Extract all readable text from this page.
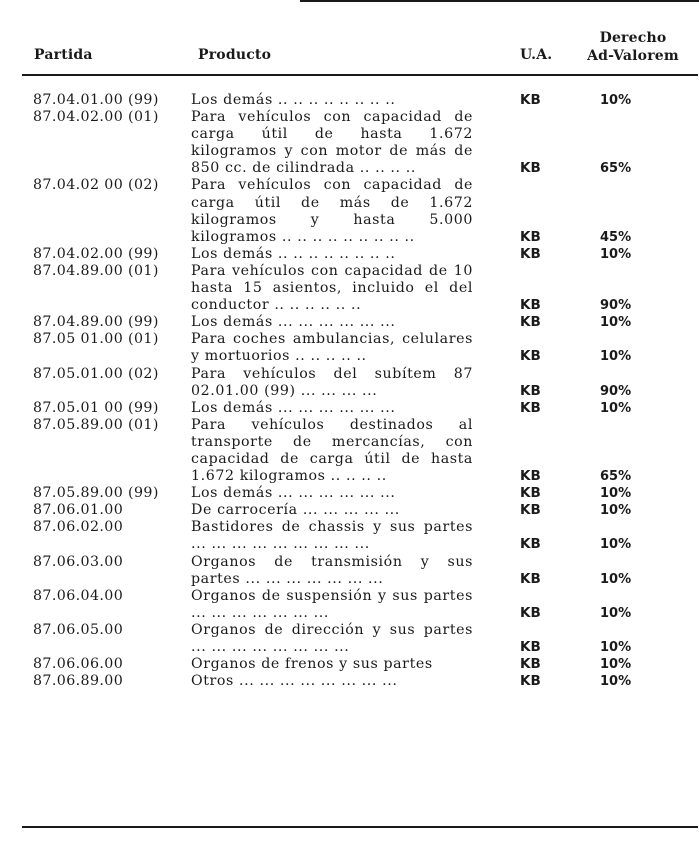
Partida	Producto	U.A.
Derecho
Ad-Valorem
87.04.01.00 (99) Los demás .. .. .. .. .. .. .. ..	KB	10%
87.04.02.00 (01) Para vehículos con capacidad de carga útil de hasta 1.672 kilogramos y con motor de más de 850 cc. de cilindrada .. .. .. ..	KB	65%
87.04.02 00 (02) Para vehículos con capacidad de carga útil de más de 1.672 kilogramos y hasta 5.000 kilogramos .. .. .. .. .. .. .. .. ..	KB	45%
87.04.02.00 (99) Los demás .. .. .. .. .. .. .. ..	KB	10%
87.04.89.00 (01) Para vehículos con capacidad de 10 hasta 15 asientos, incluido el del conductor .. .. .. .. .. ..	KB	90%
87.04.89.00 (99) Los demás ... ... ... ... ... ...	KB	10%
87.05 01.00 (01) Para coches ambulancias, celulares y mortuorios .. .. .. .. ..	KB	10%
87.05.01.00 (02) Para vehículos del subítem 87 02.01.00 (99) ... ... ... ...	KB	90%
87.05.01 00 (99) Los demás ... ... ... ... ... ...	KB	10%
87.05.89.00 (01) Para vehículos destinados al transporte de mercancías, con capacidad de carga útil de hasta 1.672 kilogramos .. .. .. ..	KB	65%
87.05.89.00 (99) Los demás ... ... ... ... ... ...	KB	10%
87.06.01.00	De carrocería ... ... ... ... ...	KB	10%
87.06.02.00	Bastidores de chassis y sus partes ... ... ... ... ... ... ... ... ...	KB	10%
87.06.03.00	Organos de transmisión y sus partes ... ... ... ... ... ... ...	KB	10%
87.06.04.00	Organos de suspensión y sus partes ... ... ... ... ... ... ...	KB	10%
87.06.05.00	Organos de dirección y sus partes ... ... ... ... ... ... ... ...	KB	10%
87.06.06.00	Organos de frenos y sus partes	KB	10%
87.06.89.00	Otros ... ... ... ... ... ... ... ...	KB	10%
